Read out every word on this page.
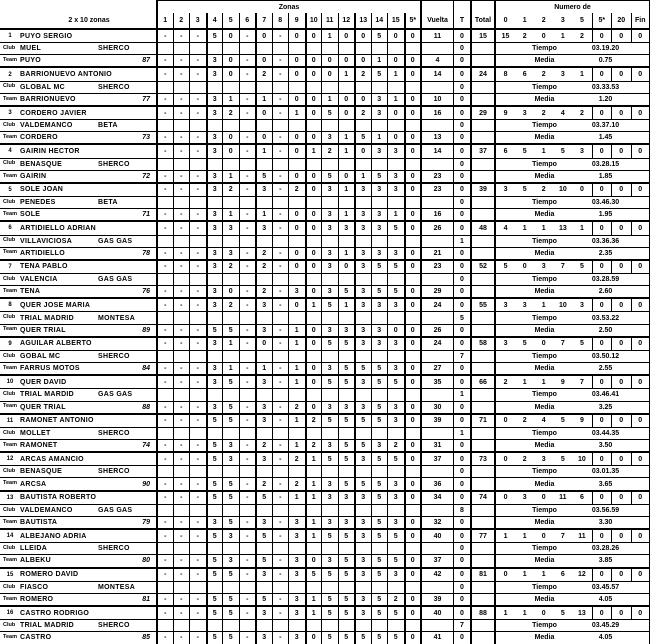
Zonas	Numero de
2 x 10 zonas	1	2	3	4	5	6	7	8	9	10	11	12	13	14	15	5*	Vuelta	T	Total	0	1	2	3	5	5*	20	Fin
1	PUYO SERGIO	-	-	-	5	0	-	0	-	0	0	1	0	0	5	0	0	11	0	15	15	2	0	1	2	0	0	0
Club MUEL	SHERCO	0	Tiempo	03.19.20
Team PUYO	87	-	-	-	3	0	-	0	-	0	0	0	0	0	1	0	0	4	0	Media	0.75
2	BARRIONUEVO ANTONIO	-	-	-	3	0	-	2	-	0	0	0	1	2	5	1	0	14	0	24	8	6	2	3	1	0	0	0
Club GLOBAL MC	SHERCO	0	Tiempo	03.33.53
Team BARRIONUEVO	77	-	-	-	3	1	-	1	-	0	0	1	0	0	3	1	0	10	0	Media	1.20
3	CORDERO JAVIER	-	-	-	3	2	-	0	-	1	0	5	0	2	3	0	0	16	0	29	9	3	2	4	2	0	0	0
Club VALDEMANCO	BETA	0	Tiempo	03.37.10
Team CORDERO	73	-	-	-	3	0	-	0	-	0	0	3	1	5	1	0	0	13	0	Media	1.45
4	GAIRIN HECTOR	-	-	-	3	0	-	1	-	0	1	2	1	0	3	3	0	14	0	37	6	5	1	5	3	0	0	0
Club BENASQUE	SHERCO	0	Tiempo	03.28.15
Team GAIRIN	72	-	-	-	3	1	-	5	-	0	0	5	0	1	5	3	0	23	0	Media	1.85
5	SOLE JOAN	-	-	-	3	2	-	3	-	2	0	3	1	3	3	3	0	23	0	39	3	5	2	10	0	0	0	0
Club PENEDES	BETA	0	Tiempo	03.46.30
Team SOLE	71	-	-	-	3	1	-	1	-	0	0	3	1	3	3	1	0	16	0	Media	1.95
6	ARTIDIELLO ADRIAN	-	-	-	3	3	-	3	-	0	0	3	3	3	3	5	0	26	0	48	4	1	1	13	1	0	0	0
Club VILLAVICIOSA	GAS GAS	1	Tiempo	03.36.36
Team ARTIDIELLO	78	-	-	-	3	3	-	2	-	0	0	3	1	3	3	3	0	21	0	Media	2.35
7	TENA PABLO	-	-	-	3	2	-	2	-	0	0	3	0	3	5	5	0	23	0	52	5	0	3	7	5	0	0	0
Club VALENCIA	GAS GAS	0	Tiempo	03.28.59
Team TENA	76	-	-	-	3	0	-	2	-	3	0	3	5	3	5	5	0	29	0	Media	2.60
8	QUER JOSE MARIA	-	-	-	3	2	-	3	-	0	1	5	1	3	3	3	0	24	0	55	3	3	1	10	3	0	0	0
Club TRIAL MADRID	MONTESA	5	Tiempo	03.53.22
Team QUER TRIAL	89	-	-	-	5	5	-	3	-	1	0	3	3	3	3	0	0	26	0	Media	2.50
9	AGUILAR ALBERTO	-	-	-	3	1	-	0	-	1	0	5	5	3	3	3	0	24	0	58	3	5	0	7	5	0	0	0
Club GOBAL MC	SHERCO	7	Tiempo	03.50.12
Team FARRUS MOTOS	84	-	-	-	3	1	-	1	-	1	0	3	5	5	5	3	0	27	0	Media	2.55
10 QUER DAVID	-	-	-	3	5	-	3	-	1	0	5	5	3	5	5	0	35	0	66	2	1	1	9	7	0	0	0
Club TRIAL MARDID	GAS GAS	1	Tiempo	03.46.41
Team QUER TRIAL	88	-	-	-	3	5	-	3	-	2	0	3	3	3	5	3	0	30	0	Media	3.25
11 RAMONET ANTONIO	-	-	-	5	5	-	3	-	1	2	5	5	5	5	3	0	39	0	71	0	2	4	5	9	0	0	0
Club MOLLET	SHERCO	1	Tiempo	03.44.35
Team RAMONET	74	-	-	-	5	3	-	2	-	1	2	3	5	5	3	2	0	31	0	Media	3.50
12 ARCAS AMANCIO	-	-	-	5	3	-	3	-	2	1	5	5	3	5	5	0	37	0	73	0	2	3	5	10	0	0	0
Club BENASQUE	SHERCO	0	Tiempo	03.01.35
Team ARCSA	90	-	-	-	5	5	-	2	-	2	1	3	5	5	5	3	0	36	0	Media	3.65
13 BAUTISTA ROBERTO	-	-	-	5	5	-	5	-	1	1	3	3	3	5	3	0	34	0	74	0	3	0	11	6	0	0	0
Club VALDEMANCO	GAS GAS	8	Tiempo	03.56.59
Team BAUTISTA	79	-	-	-	3	5	-	3	-	3	1	3	3	3	5	3	0	32	0	Media	3.30
14 ALBEJANO ADRIA	-	-	-	5	3	-	5	-	3	1	5	5	3	5	5	0	40	0	77	1	1	0	7	11	0	0	0
Club LLEIDA	SHERCO	0	Tiempo	03.28.26
Team ALBEKU	80	-	-	-	5	3	-	5	-	3	0	3	5	3	5	5	0	37	0	Media	3.85
15 ROMERO DAVID	-	-	-	5	5	-	3	-	3	5	5	5	3	5	3	0	42	0	81	0	1	1	6	12	0	0	0
Club FIASCO	MONTESA	0	Tiempo	03.45.57
Team ROMERO	81	-	-	-	5	5	-	5	-	3	1	5	5	3	5	2	0	39	0	Media	4.05
16 CASTRO RODRIGO	-	-	-	5	5	-	3	-	3	1	5	5	3	5	5	0	40	0	88	1	1	0	5	13	0	0	0
Club TRIAL MADRID	SHERCO	7	Tiempo	03.45.29
Team CASTRO	85	-	-	-	5	5	-	3	-	3	0	5	5	5	5	5	0	41	0	Media	4.05
